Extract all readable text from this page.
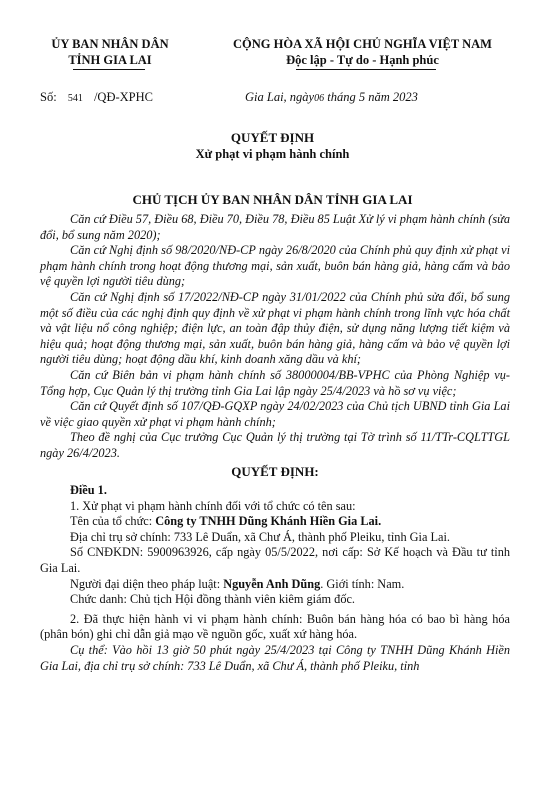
ỦY BAN NHÂN DÂN
TỈNH GIA LAI
CỘNG HÒA XÃ HỘI CHỦ NGHĨA VIỆT NAM
Độc lập - Tự do - Hạnh phúc
Số: 541 /QĐ-XPHC	Gia Lai, ngày06 tháng 5 năm 2023
QUYẾT ĐỊNH
Xử phạt vi phạm hành chính
CHỦ TỊCH ỦY BAN NHÂN DÂN TỈNH GIA LAI

Căn cứ Điều 57, Điều 68, Điều 70, Điều 78, Điều 85 Luật Xử lý vi phạm hành chính (sửa đổi, bổ sung năm 2020);

Căn cứ Nghị định số 98/2020/NĐ-CP ngày 26/8/2020 của Chính phủ quy định xử phạt vi phạm hành chính trong hoạt động thương mại, sản xuất, buôn bán hàng giả, hàng cấm và bảo vệ quyền lợi người tiêu dùng;

Căn cứ Nghị định số 17/2022/NĐ-CP ngày 31/01/2022 của Chính phủ sửa đổi, bổ sung một số điều của các nghị định quy định về xử phạt vi phạm hành chính trong lĩnh vực hóa chất và vật liệu nổ công nghiệp; điện lực, an toàn đập thủy điện, sử dụng năng lượng tiết kiệm và hiệu quả; hoạt động thương mại, sản xuất, buôn bán hàng giả, hàng cấm và bảo vệ quyền lợi người tiêu dùng; hoạt động dầu khí, kinh doanh xăng dầu và khí;

Căn cứ Biên bản vi phạm hành chính số 38000004/BB-VPHC của Phòng Nghiệp vụ-Tổng hợp, Cục Quản lý thị trường tỉnh Gia Lai lập ngày 25/4/2023 và hồ sơ vụ việc;

Căn cứ Quyết định số 107/QĐ-GQXP ngày 24/02/2023 của Chủ tịch UBND tỉnh Gia Lai về việc giao quyền xử phạt vi phạm hành chính;

Theo đề nghị của Cục trưởng Cục Quản lý thị trường tại Tờ trình số 11/TTr-CQLTTGL ngày 26/4/2023.

QUYẾT ĐỊNH:

Điều 1.

1. Xử phạt vi phạm hành chính đối với tổ chức có tên sau:

Tên của tổ chức: Công ty TNHH Dũng Khánh Hiền Gia Lai.

Địa chỉ trụ sở chính: 733 Lê Duẩn, xã Chư Á, thành phố Pleiku, tỉnh Gia Lai.

Số CNĐKDN: 5900963926, cấp ngày 05/5/2022, nơi cấp: Sở Kế hoạch và Đầu tư tỉnh Gia Lai.

Người đại diện theo pháp luật: Nguyễn Anh Dũng. Giới tính: Nam.

Chức danh: Chủ tịch Hội đồng thành viên kiêm giám đốc.

2. Đã thực hiện hành vi vi phạm hành chính: Buôn bán hàng hóa có bao bì hàng hóa (phân bón) ghi chỉ dẫn giả mạo về nguồn gốc, xuất xứ hàng hóa.

Cụ thể: Vào hồi 13 giờ 50 phút ngày 25/4/2023 tại Công ty TNHH Dũng Khánh Hiền Gia Lai, địa chỉ trụ sở chính: 733 Lê Duẩn, xã Chư Á, thành phố Pleiku, tỉnh
